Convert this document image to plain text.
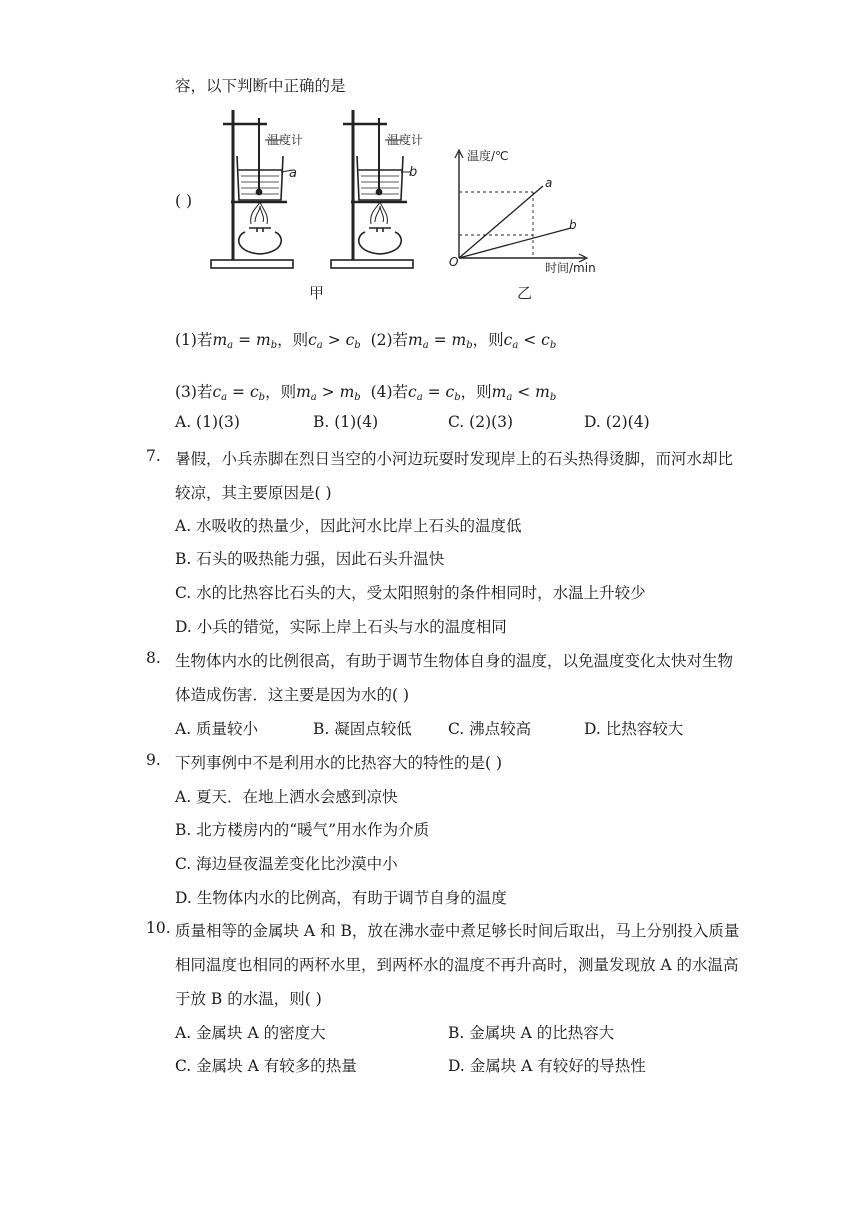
容，以下判断中正确的是
( )
温度计	温度计
a	b
甲
温度/℃
时间/min
O
a
b
乙
(1)若$m_a = m_b$，则$c_a > c_b$ (2)若$m_a = m_b$，则$c_a < c_b$
(3)若$c_a = c_b$，则$m_a > m_b$ (4)若$c_a = c_b$，则$m_a < m_b$
A. (1)(3)	B. (1)(4)	C. (2)(3)	D. (2)(4)
7. 暑假，小兵赤脚在烈日当空的小河边玩耍时发现岸上的石头热得烫脚，而河水却比
较凉，其主要原因是( )
A. 水吸收的热量少，因此河水比岸上石头的温度低
B. 石头的吸热能力强，因此石头升温快
C. 水的比热容比石头的大，受太阳照射的条件相同时，水温上升较少
D. 小兵的错觉，实际上岸上石头与水的温度相同
8. 生物体内水的比例很高，有助于调节生物体自身的温度，以免温度变化太快对生物
体造成伤害．这主要是因为水的( )
A. 质量较小	B. 凝固点较低 C. 沸点较高	D. 比热容较大
9. 下列事例中不是利用水的比热容大的特性的是( )
A. 夏天．在地上洒水会感到凉快
B. 北方楼房内的“暖气”用水作为介质
C. 海边昼夜温差变化比沙漠中小
D. 生物体内水的比例高，有助于调节自身的温度
10. 质量相等的金属块 A 和 B，放在沸水壶中煮足够长时间后取出，马上分别投入质量
相同温度也相同的两杯水里，到两杯水的温度不再升高时，测量发现放 A 的水温高
于放 B 的水温，则( )
A. 金属块 A 的密度大	B. 金属块 A 的比热容大
C. 金属块 A 有较多的热量	D. 金属块 A 有较好的导热性
